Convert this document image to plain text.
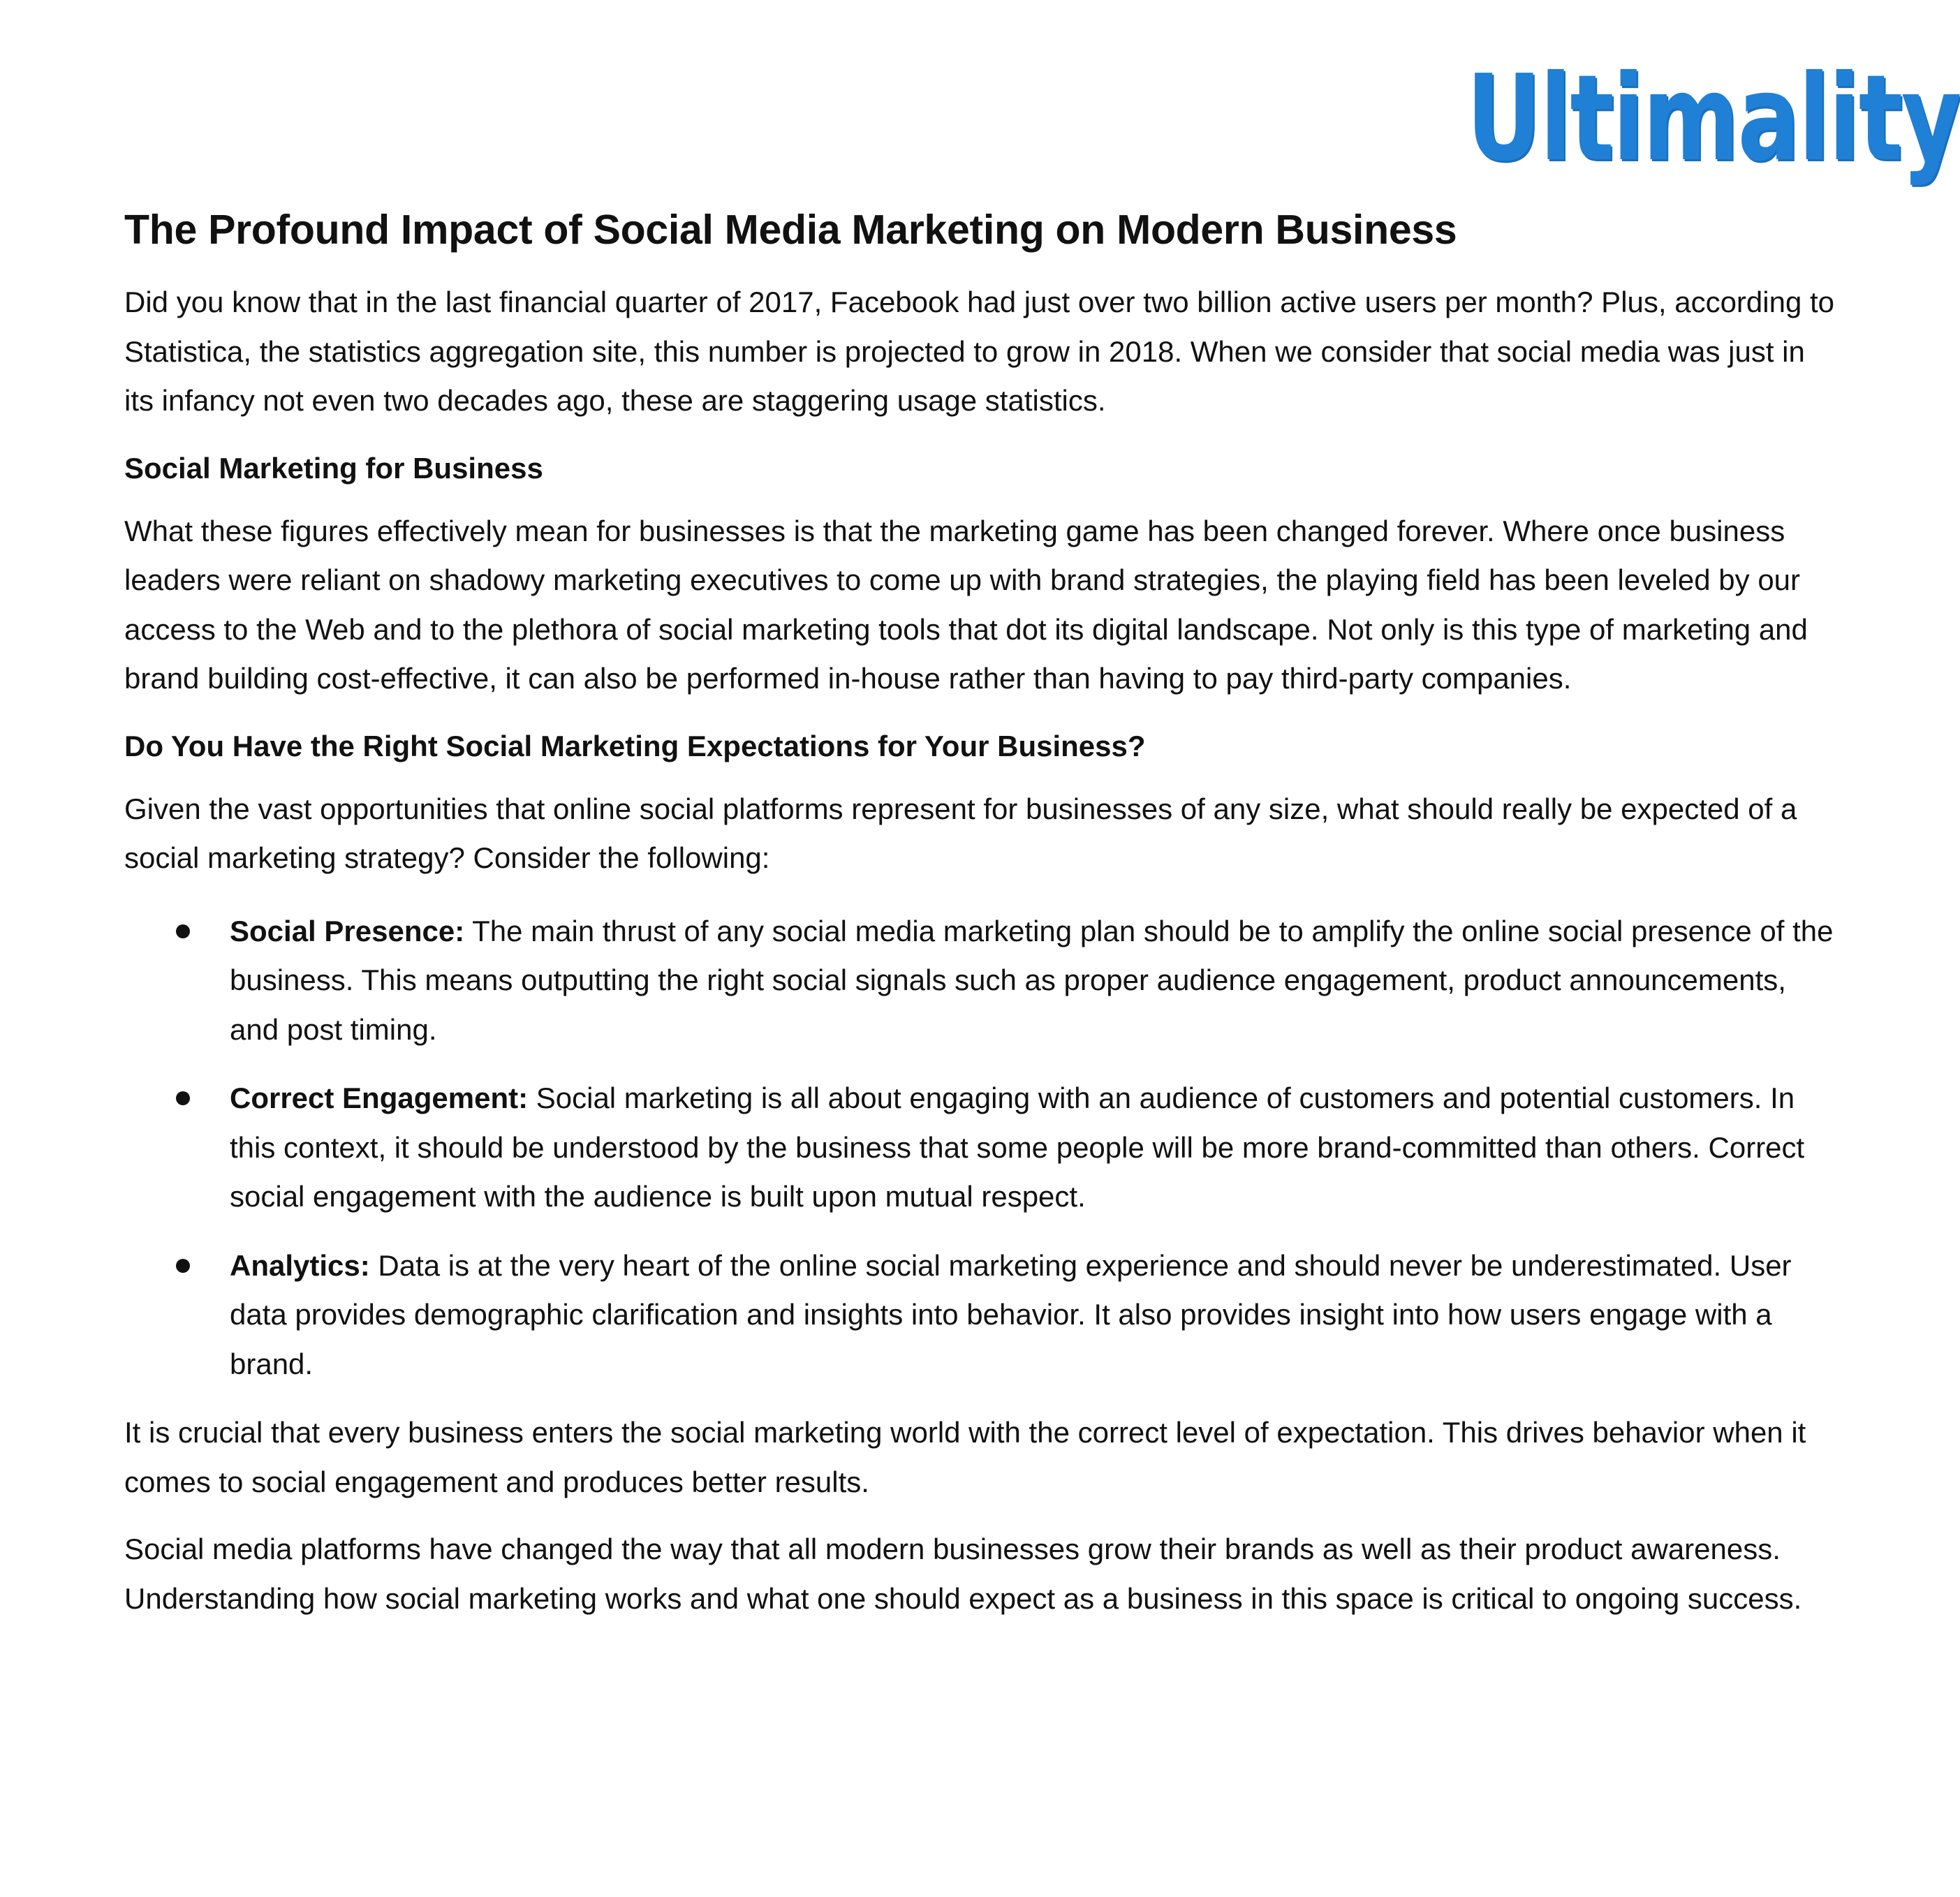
Ultimality
The Profound Impact of Social Media Marketing on Modern Business

Did you know that in the last financial quarter of 2017, Facebook had just over two billion active users per month? Plus, according to Statistica, the statistics aggregation site, this number is projected to grow in 2018. When we consider that social media was just in its infancy not even two decades ago, these are staggering usage statistics.

Social Marketing for Business

What these figures effectively mean for businesses is that the marketing game has been changed forever. Where once business leaders were reliant on shadowy marketing executives to come up with brand strategies, the playing field has been leveled by our access to the Web and to the plethora of social marketing tools that dot its digital landscape. Not only is this type of marketing and brand building cost-effective, it can also be performed in-house rather than having to pay third-party companies.

Do You Have the Right Social Marketing Expectations for Your Business?

Given the vast opportunities that online social platforms represent for businesses of any size, what should really be expected of a social marketing strategy? Consider the following:

Social Presence: The main thrust of any social media marketing plan should be to amplify the online social presence of the business. This means outputting the right social signals such as proper audience engagement, product announcements, and post timing.
Correct Engagement: Social marketing is all about engaging with an audience of customers and potential customers. In this context, it should be understood by the business that some people will be more brand-committed than others. Correct social engagement with the audience is built upon mutual respect.
Analytics: Data is at the very heart of the online social marketing experience and should never be underestimated. User data provides demographic clarification and insights into behavior. It also provides insight into how users engage with a brand.

It is crucial that every business enters the social marketing world with the correct level of expectation. This drives behavior when it comes to social engagement and produces better results.

Social media platforms have changed the way that all modern businesses grow their brands as well as their product awareness. Understanding how social marketing works and what one should expect as a business in this space is critical to ongoing success.
